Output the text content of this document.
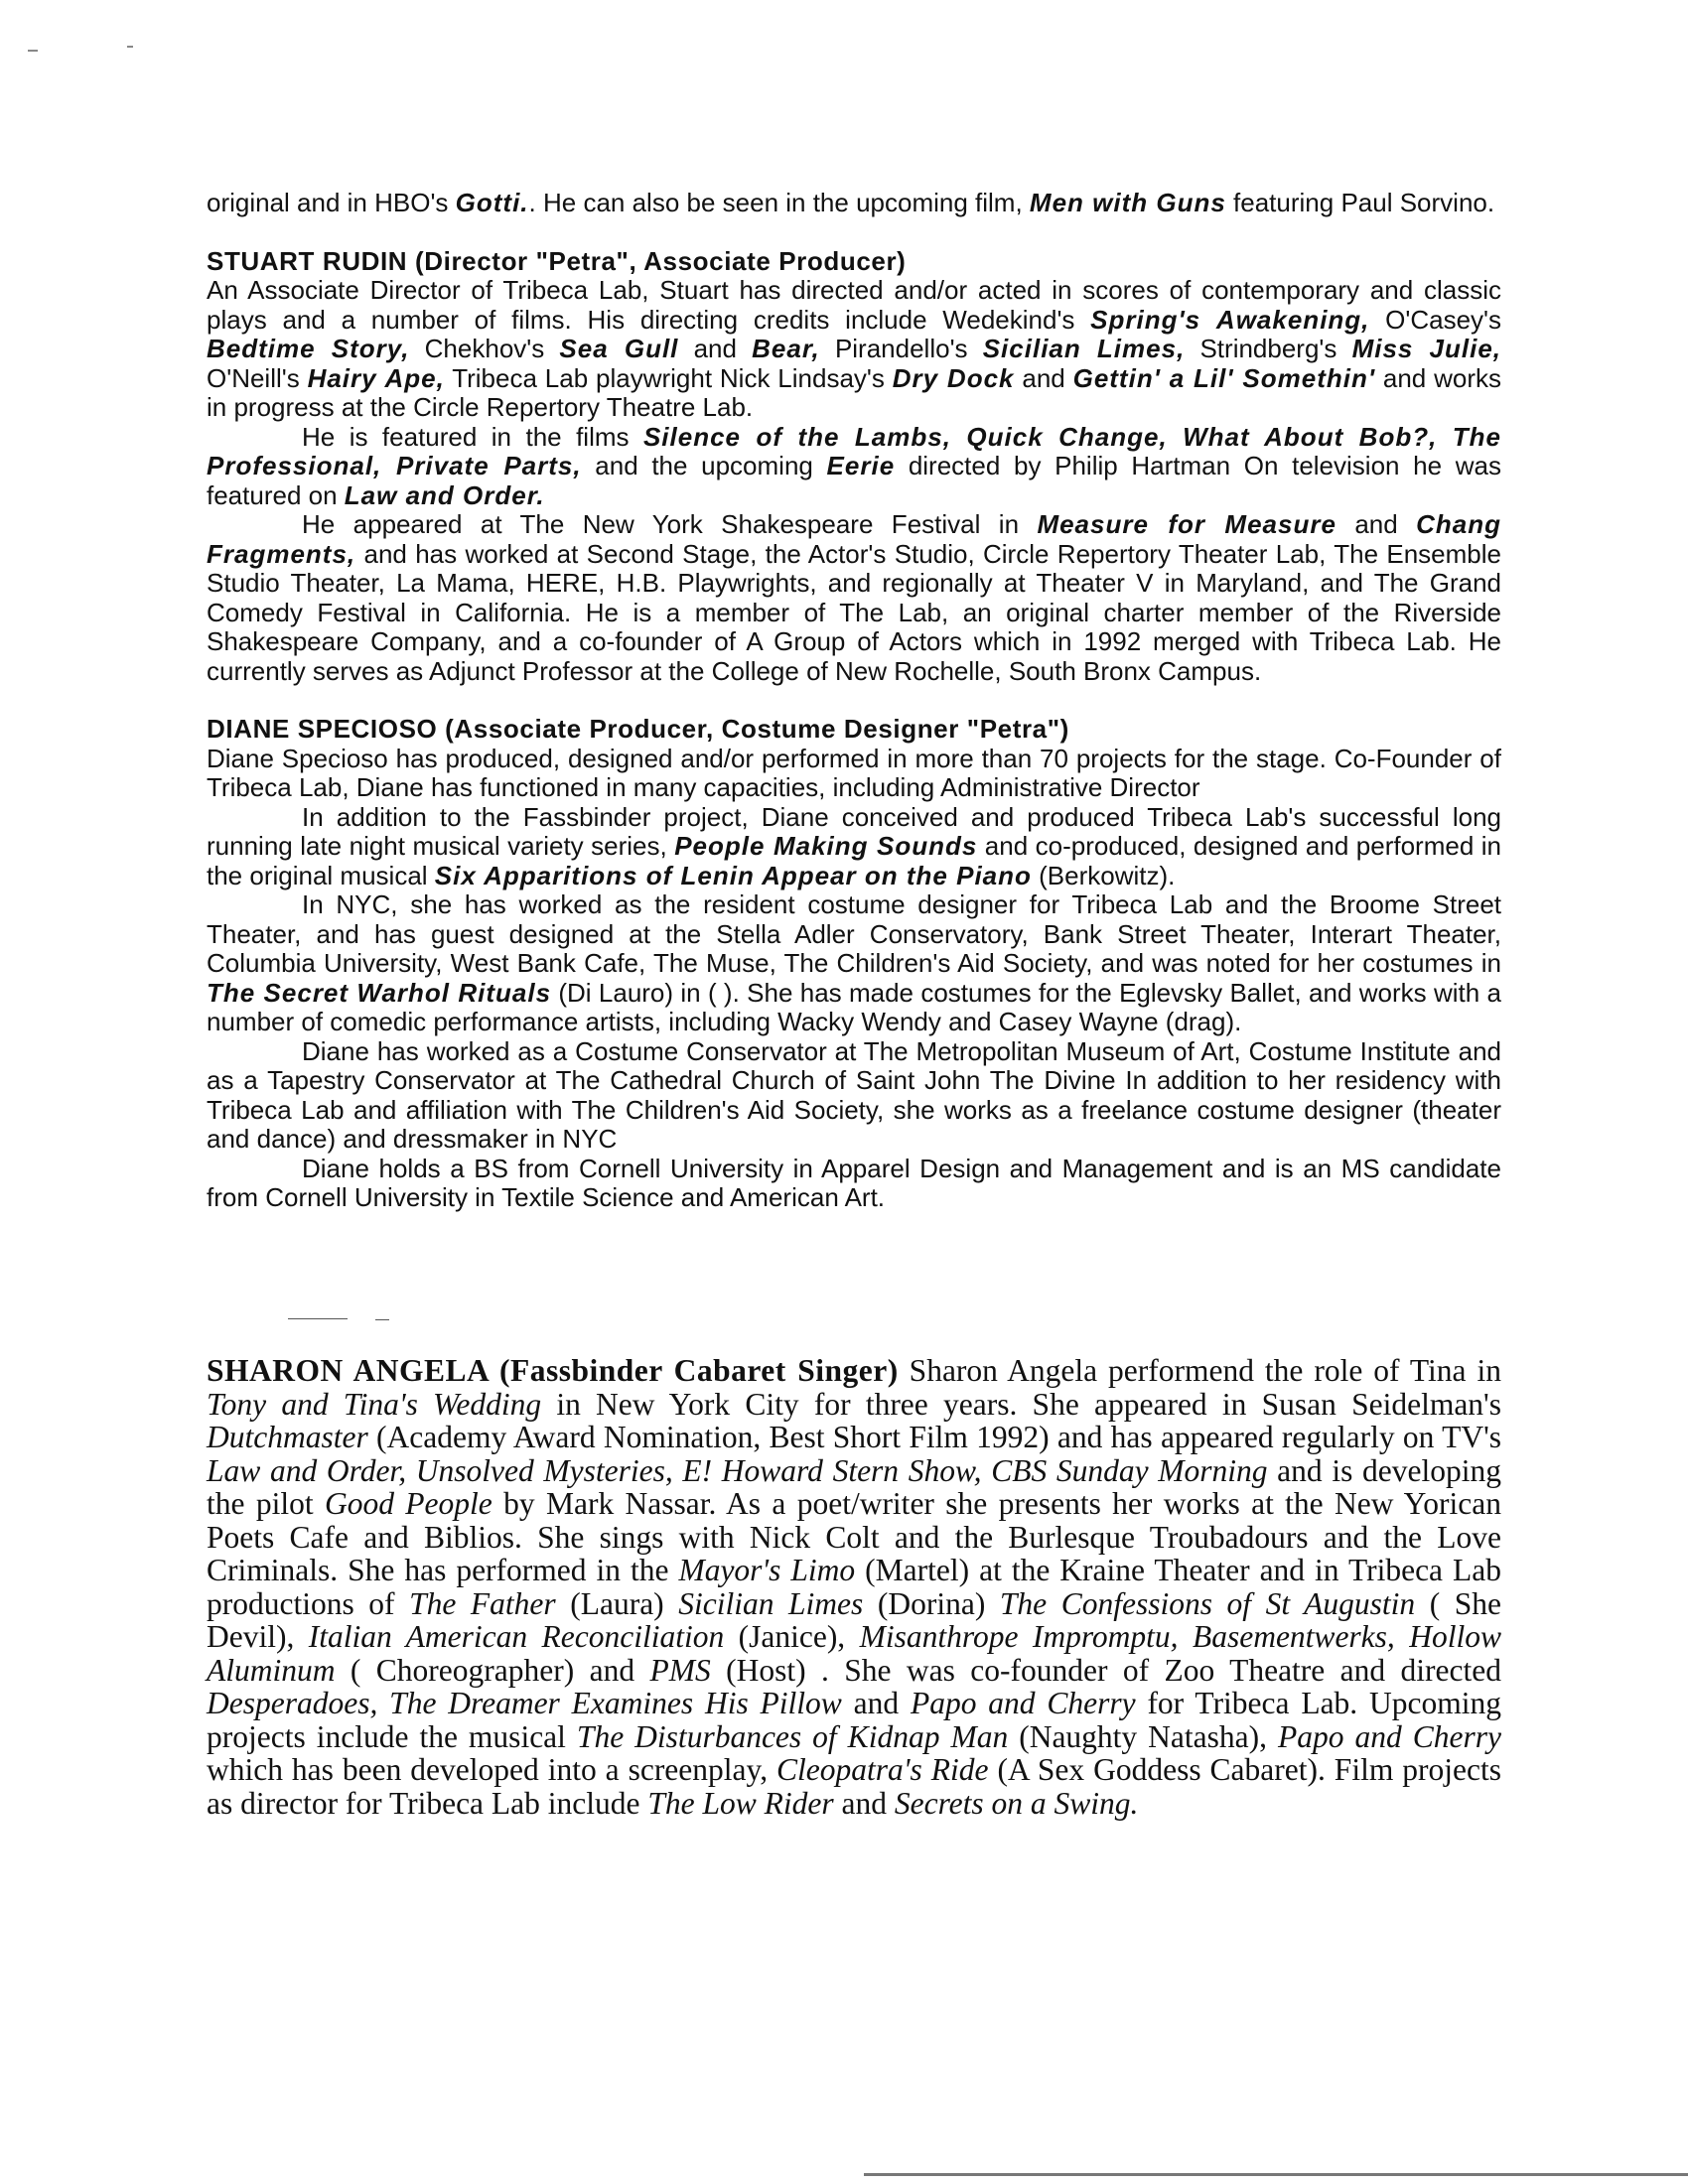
original and in HBO's Gotti.. He can also be seen in the upcoming film, Men with Guns featuring Paul Sorvino.

STUART RUDIN (Director "Petra", Associate Producer)

An Associate Director of Tribeca Lab, Stuart has directed and/or acted in scores of contemporary and classic plays and a number of films. His directing credits include Wedekind's Spring's Awakening, O'Casey's Bedtime Story, Chekhov's Sea Gull and Bear, Pirandello's Sicilian Limes, Strindberg's Miss Julie, O'Neill's Hairy Ape, Tribeca Lab playwright Nick Lindsay's Dry Dock and Gettin' a Lil' Somethin' and works in progress at the Circle Repertory Theatre Lab.

He is featured in the films Silence of the Lambs, Quick Change, What About Bob?, The Professional, Private Parts, and the upcoming Eerie directed by Philip Hartman On television he was featured on Law and Order.

He appeared at The New York Shakespeare Festival in Measure for Measure and Chang Fragments, and has worked at Second Stage, the Actor's Studio, Circle Repertory Theater Lab, The Ensemble Studio Theater, La Mama, HERE, H.B. Playwrights, and regionally at Theater V in Maryland, and The Grand Comedy Festival in California. He is a member of The Lab, an original charter member of the Riverside Shakespeare Company, and a co-founder of A Group of Actors which in 1992 merged with Tribeca Lab. He currently serves as Adjunct Professor at the College of New Rochelle, South Bronx Campus.

DIANE SPECIOSO (Associate Producer, Costume Designer "Petra")

Diane Specioso has produced, designed and/or performed in more than 70 projects for the stage. Co-Founder of Tribeca Lab, Diane has functioned in many capacities, including Administrative Director

In addition to the Fassbinder project, Diane conceived and produced Tribeca Lab's successful long running late night musical variety series, People Making Sounds and co-produced, designed and performed in the original musical Six Apparitions of Lenin Appear on the Piano (Berkowitz).

In NYC, she has worked as the resident costume designer for Tribeca Lab and the Broome Street Theater, and has guest designed at the Stella Adler Conservatory, Bank Street Theater, Interart Theater, Columbia University, West Bank Cafe, The Muse, The Children's Aid Society, and was noted for her costumes in The Secret Warhol Rituals (Di Lauro) in ( ). She has made costumes for the Eglevsky Ballet, and works with a number of comedic performance artists, including Wacky Wendy and Casey Wayne (drag).

Diane has worked as a Costume Conservator at The Metropolitan Museum of Art, Costume Institute and as a Tapestry Conservator at The Cathedral Church of Saint John The Divine In addition to her residency with Tribeca Lab and affiliation with The Children's Aid Society, she works as a freelance costume designer (theater and dance) and dressmaker in NYC

Diane holds a BS from Cornell University in Apparel Design and Management and is an MS candidate from Cornell University in Textile Science and American Art.

SHARON ANGELA (Fassbinder Cabaret Singer) Sharon Angela performend the role of Tina in Tony and Tina's Wedding in New York City for three years. She appeared in Susan Seidelman's Dutchmaster (Academy Award Nomination, Best Short Film 1992) and has appeared regularly on TV's Law and Order, Unsolved Mysteries, E! Howard Stern Show, CBS Sunday Morning and is developing the pilot Good People by Mark Nassar. As a poet/writer she presents her works at the New Yorican Poets Cafe and Biblios. She sings with Nick Colt and the Burlesque Troubadours and the Love Criminals. She has performed in the Mayor's Limo (Martel) at the Kraine Theater and in Tribeca Lab productions of The Father (Laura) Sicilian Limes (Dorina) The Confessions of St Augustin ( She Devil), Italian American Reconciliation (Janice), Misanthrope Impromptu, Basementwerks, Hollow Aluminum ( Choreographer) and PMS (Host) . She was co-founder of Zoo Theatre and directed Desperadoes, The Dreamer Examines His Pillow and Papo and Cherry for Tribeca Lab. Upcoming projects include the musical The Disturbances of Kidnap Man (Naughty Natasha), Papo and Cherry which has been developed into a screenplay, Cleopatra's Ride (A Sex Goddess Cabaret). Film projects as director for Tribeca Lab include The Low Rider and Secrets on a Swing.
